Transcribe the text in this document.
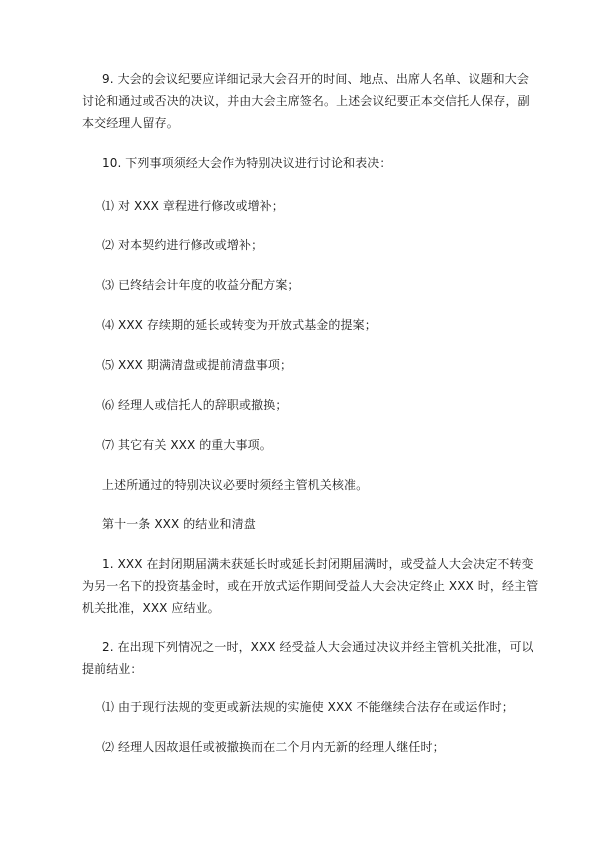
9. 大会的会议纪要应详细记录大会召开的时间、地点、出席人名单、议题和大会
讨论和通过或否决的决议，并由大会主席签名。上述会议纪要正本交信托人保存，副
本交经理人留存。
10. 下列事项须经大会作为特别决议进行讨论和表决：
⑴ 对 XXX 章程进行修改或增补；
⑵ 对本契约进行修改或增补；
⑶ 已终结会计年度的收益分配方案；
⑷ XXX 存续期的延长或转变为开放式基金的提案；
⑸ XXX 期满清盘或提前清盘事项；
⑹ 经理人或信托人的辞职或撤换；
⑺ 其它有关 XXX 的重大事项。
上述所通过的特别决议必要时须经主管机关核准。
第十一条 XXX 的结业和清盘
1. XXX 在封闭期届满未获延长时或延长封闭期届满时，或受益人大会决定不转变
为另一名下的投资基金时，或在开放式运作期间受益人大会决定终止 XXX 时，经主管
机关批准，XXX 应结业。
2. 在出现下列情况之一时，XXX 经受益人大会通过决议并经主管机关批准，可以
提前结业：
⑴ 由于现行法规的变更或新法规的实施使 XXX 不能继续合法存在或运作时；
⑵ 经理人因故退任或被撤换而在二个月内无新的经理人继任时；
